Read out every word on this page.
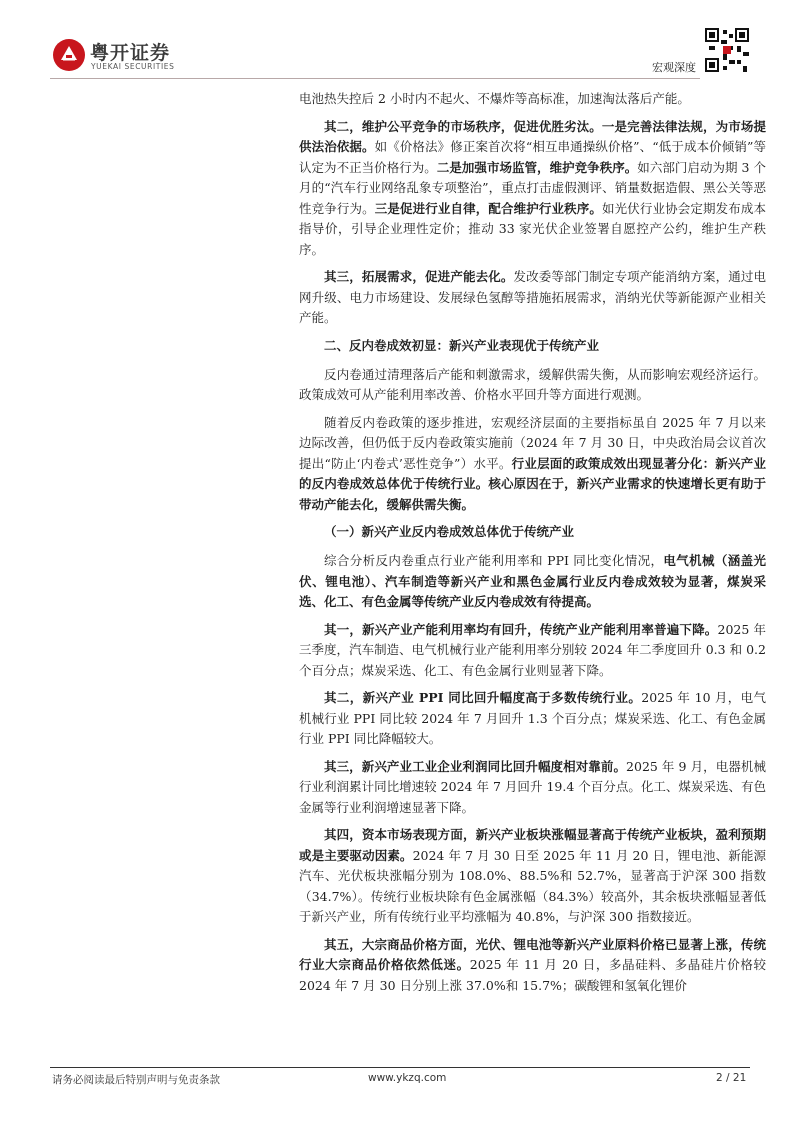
粤开证券
YUEKAI SECURITIES	宏观深度

电池热失控后 2 小时内不起火、不爆炸等高标准，加速淘汰落后产能。

其二，维护公平竞争的市场秩序，促进优胜劣汰。一是完善法律法规，为市场提供法治依据。如《价格法》修正案首次将“相互串通操纵价格”、“低于成本价倾销”等认定为不正当价格行为。二是加强市场监管，维护竞争秩序。如六部门启动为期 3 个月的“汽车行业网络乱象专项整治”，重点打击虚假测评、销量数据造假、黑公关等恶性竞争行为。三是促进行业自律，配合维护行业秩序。如光伏行业协会定期发布成本指导价，引导企业理性定价；推动 33 家光伏企业签署自愿控产公约，维护生产秩序。

其三，拓展需求，促进产能去化。发改委等部门制定专项产能消纳方案，通过电网升级、电力市场建设、发展绿色氢醇等措施拓展需求，消纳光伏等新能源产业相关产能。

二、反内卷成效初显：新兴产业表现优于传统产业

反内卷通过清理落后产能和刺激需求，缓解供需失衡，从而影响宏观经济运行。政策成效可从产能利用率改善、价格水平回升等方面进行观测。

随着反内卷政策的逐步推进，宏观经济层面的主要指标虽自 2025 年 7 月以来边际改善，但仍低于反内卷政策实施前（2024 年 7 月 30 日，中央政治局会议首次提出“防止‘内卷式’恶性竞争”）水平。行业层面的政策成效出现显著分化：新兴产业的反内卷成效总体优于传统行业。核心原因在于，新兴产业需求的快速增长更有助于带动产能去化，缓解供需失衡。

（一）新兴产业反内卷成效总体优于传统产业

综合分析反内卷重点行业产能利用率和 PPI 同比变化情况，电气机械（涵盖光伏、锂电池）、汽车制造等新兴产业和黑色金属行业反内卷成效较为显著，煤炭采选、化工、有色金属等传统产业反内卷成效有待提高。

其一，新兴产业产能利用率均有回升，传统产业产能利用率普遍下降。2025 年三季度，汽车制造、电气机械行业产能利用率分别较 2024 年二季度回升 0.3 和 0.2 个百分点；煤炭采选、化工、有色金属行业则显著下降。

其二，新兴产业 PPI 同比回升幅度高于多数传统行业。2025 年 10 月，电气机械行业 PPI 同比较 2024 年 7 月回升 1.3 个百分点；煤炭采选、化工、有色金属行业 PPI 同比降幅较大。

其三，新兴产业工业企业利润同比回升幅度相对靠前。2025 年 9 月，电器机械行业利润累计同比增速较 2024 年 7 月回升 19.4 个百分点。化工、煤炭采选、有色金属等行业利润增速显著下降。

其四，资本市场表现方面，新兴产业板块涨幅显著高于传统产业板块，盈利预期或是主要驱动因素。2024 年 7 月 30 日至 2025 年 11 月 20 日，锂电池、新能源汽车、光伏板块涨幅分别为 108.0%、88.5%和 52.7%，显著高于沪深 300 指数（34.7%）。传统行业板块除有色金属涨幅（84.3%）较高外，其余板块涨幅显著低于新兴产业，所有传统行业平均涨幅为 40.8%，与沪深 300 指数接近。

其五，大宗商品价格方面，光伏、锂电池等新兴产业原料价格已显著上涨，传统行业大宗商品价格依然低迷。2025 年 11 月 20 日，多晶硅料、多晶硅片价格较 2024 年 7 月 30 日分别上涨 37.0%和 15.7%；碳酸锂和氢氧化锂价

请务必阅读最后特别声明与免责条款	www.ykzq.com	2 / 21
